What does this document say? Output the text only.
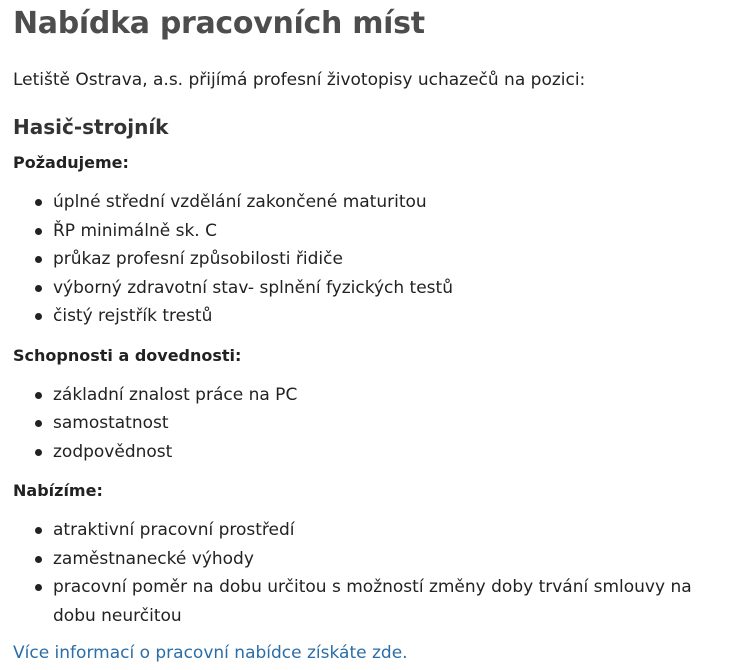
Nabídka pracovních míst

Letiště Ostrava, a.s. přijímá profesní životopisy uchazečů na pozici:

Hasič-strojník
Požadujeme:
úplné střední vzdělání zakončené maturitou
ŘP minimálně sk. C
průkaz profesní způsobilosti řidiče
výborný zdravotní stav- splnění fyzických testů
čistý rejstřík trestů
Schopnosti a dovednosti:
základní znalost práce na PC
samostatnost
zodpovědnost
Nabízíme:
atraktivní pracovní prostředí
zaměstnanecké výhody
pracovní poměr na dobu určitou s možností změny doby trvání smlouvy na dobu neurčitou
Více informací o pracovní nabídce získáte zde.
